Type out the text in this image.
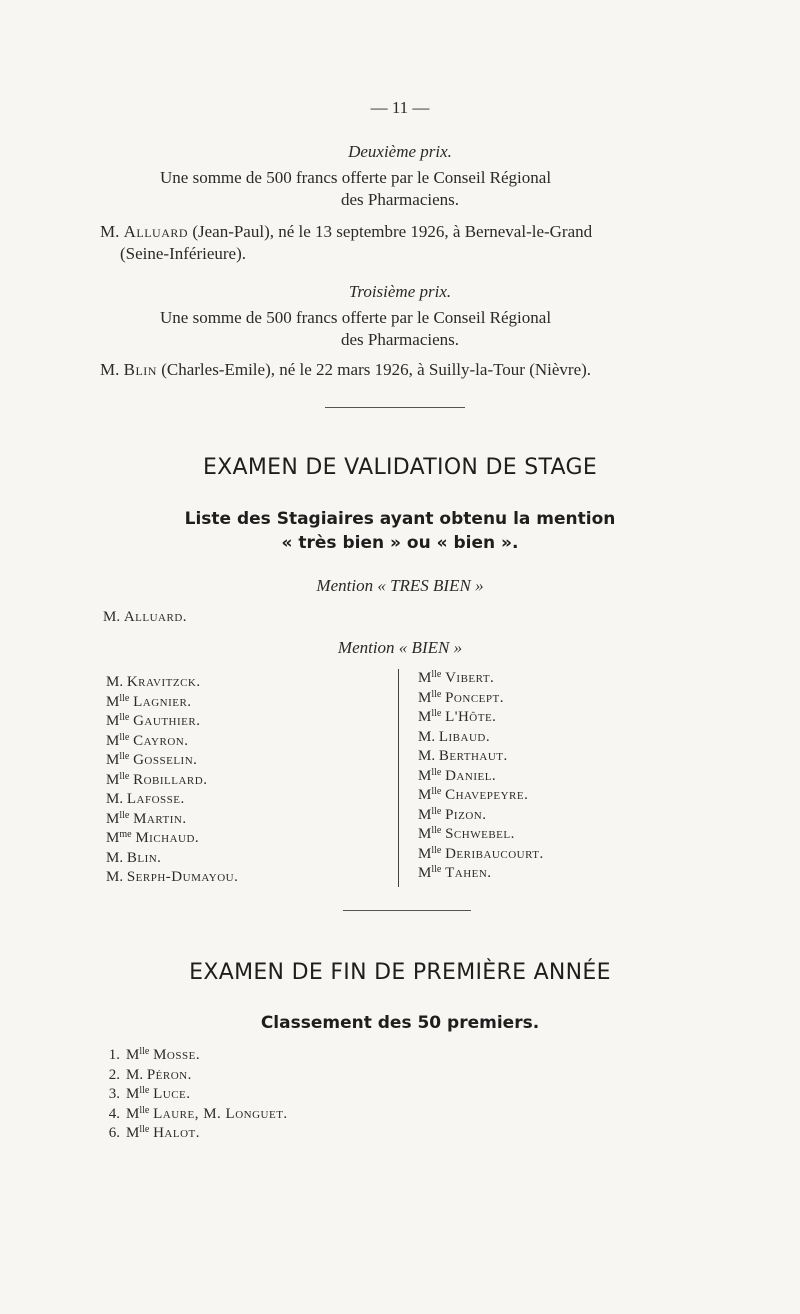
— 11 —
Deuxième prix.
Une somme de 500 francs offerte par le Conseil Régional
des Pharmaciens.
M. Alluard (Jean-Paul), né le 13 septembre 1926, à Berneval-le-Grand
(Seine-Inférieure).
Troisième prix.
Une somme de 500 francs offerte par le Conseil Régional
des Pharmaciens.
M. Blin (Charles-Emile), né le 22 mars 1926, à Suilly-la-Tour (Nièvre).
EXAMEN DE VALIDATION DE STAGE
Liste des Stagiaires ayant obtenu la mention
« très bien » ou « bien ».
Mention « TRES BIEN »
M. Alluard.
Mention « BIEN »
M. Kravitzck.
$M^{lle}$ Lagnier.
$M^{lle}$ Gauthier.
$M^{lle}$ Cayron.
$M^{lle}$ Gosselin.
$M^{lle}$ Robillard.
M. Lafosse.
$M^{lle}$ Martin.
$M^{me}$ Michaud.
M. Blin.
M. Serph-Dumayou.
$M^{lle}$ Vibert.
$M^{lle}$ Poncept.
$M^{lle}$ L'Hôte.
M. Libaud.
M. Berthaut.
$M^{lle}$ Daniel.
$M^{lle}$ Chavepeyre.
$M^{lle}$ Pizon.
$M^{lle}$ Schwebel.
$M^{lle}$ Deribaucourt.
$M^{lle}$ Tahen.
EXAMEN DE FIN DE PREMIÈRE ANNÉE
Classement des 50 premiers.
1. $M^{lle}$ Mosse.
2. M. Péron.
3. $M^{lle}$ Luce.
4. $M^{lle}$ Laure, M. Longuet.
6. $M^{lle}$ Halot.
